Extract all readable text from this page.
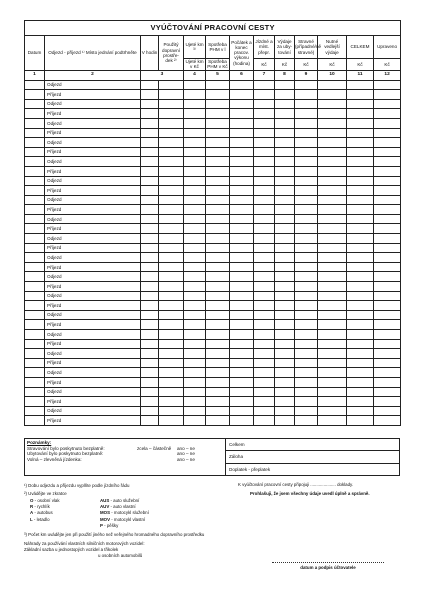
VYÚČTOVÁNÍ PRACOVNÍ CESTY												
Datum	Odjezd - příjezd ¹⁾ Místo jednání podtrhněte	V hodin	Použitý dopravní prostře- dek ²⁾	Ujeté km ³⁾	Spotřeba PHM v l	Počátek a konec pracov. výkonu (hodina)	Jízdné a míst. přepr.	Výdaje za uby- tování	Stravné (případné/ně stravné)	Nutné vedlejší výdaje	CELKEM	Upraveno
				Ujeté km v Kč	Spotřeba PHM v Kč		Kč	Kč	Kč	Kč	Kč	Kč
1	2	3		4	5	6	7	8	9	10	11	12
	Odjezd											
	Příjezd											
	Odjezd											
	Příjezd											
	Odjezd											
	Příjezd											
	Odjezd											
	Příjezd											
	Odjezd											
	Příjezd											
	Odjezd											
	Příjezd											
	Odjezd											
	Příjezd											
	Odjezd											
	Příjezd											
	Odjezd											
	Příjezd											
	Odjezd											
	Příjezd											
	Odjezd											
	Příjezd											
	Odjezd											
	Příjezd											
	Odjezd											
	Příjezd											
	Odjezd											
	Příjezd											
	Odjezd											
	Příjezd											
	Odjezd											
	Příjezd											
	Odjezd											
	Příjezd											
	Odjezd											
	Příjezd											
Poznámky:
Stravování bylo poskytnuto bezplatně:	zcela – částečně ano – ne
Ubytování bylo poskytnuto bezplatně:	ano – ne
Volná – zlevněná jízdenka:	ano – ne
Celkem
Záloha
Doplatek - přeplatek
¹) Dobu odjezdu a příjezdu vyplňte podle jízdního řádu
²) Uvádějte ve zkratce
O - osobní vlak
R - rychlík
A - autobus
L - letadlo
AUS - auto služební
AUV - auto vlastní
MOS - motocykl služební
MOV - motocykl vlastní
P - pěšky
³) Počet km uvádějte jen při použití jiného než veřejného hromadného dopravního prostředku
Náhrady za používání vlastních silničních motorových vozidel:
Základní sazba u jednostopých vozidel a třikolek
u osobních automobilů
K vyúčtování pracovní cesty připojuji ..................... doklady.
Prohlašuji, že jsem všechny údaje uvedl úplně a správně.
datum a podpis účtovatele
